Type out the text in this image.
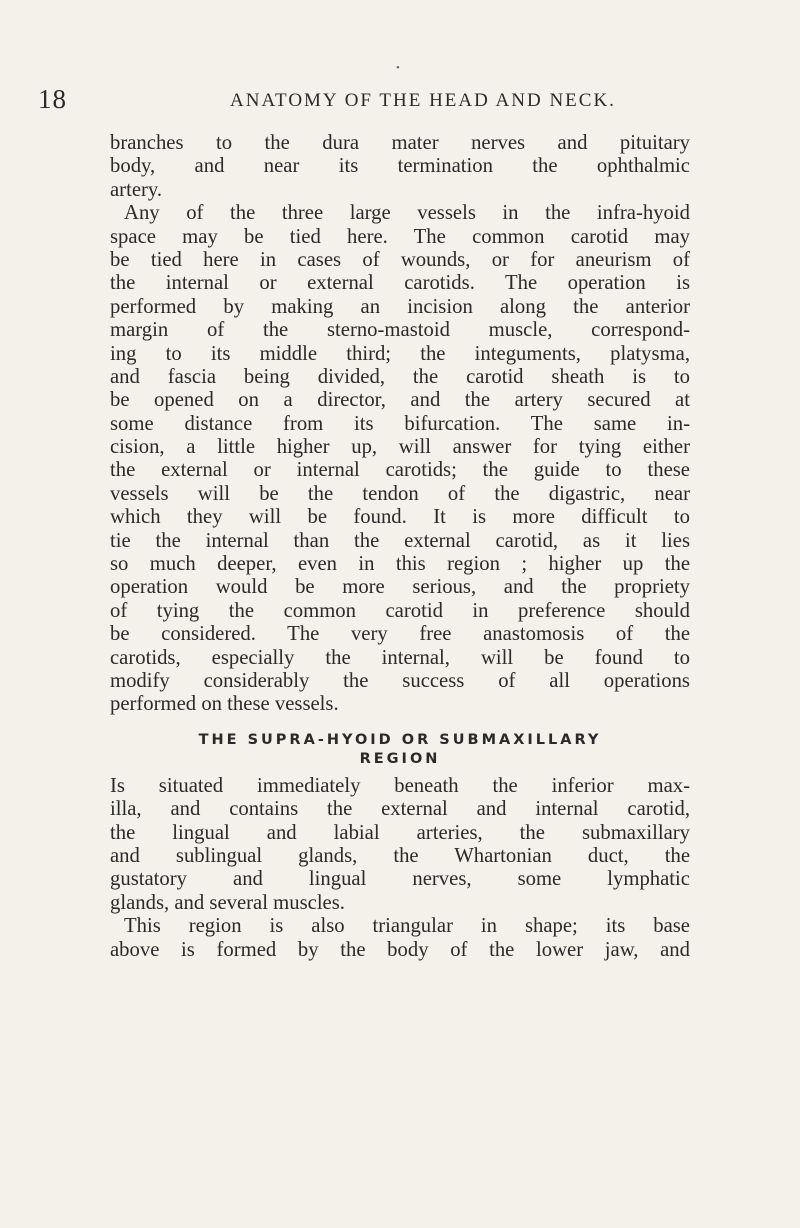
•
18	ANATOMY OF THE HEAD AND NECK.
branches to the dura mater nerves and pituitary
body, and near its termination the ophthalmic
artery.
Any of the three large vessels in the infra-hyoid
space may be tied here. The common carotid may
be tied here in cases of wounds, or for aneurism of
the internal or external carotids. The operation is
performed by making an incision along the anterior
margin of the sterno-mastoid muscle, correspond-
ing to its middle third; the integuments, platysma,
and fascia being divided, the carotid sheath is to
be opened on a director, and the artery secured at
some distance from its bifurcation. The same in-
cision, a little higher up, will answer for tying either
the external or internal carotids; the guide to these
vessels will be the tendon of the digastric, near
which they will be found. It is more difficult to
tie the internal than the external carotid, as it lies
so much deeper, even in this region ; higher up the
operation would be more serious, and the propriety
of tying the common carotid in preference should
be considered. The very free anastomosis of the
carotids, especially the internal, will be found to
modify considerably the success of all operations
performed on these vessels.
THE SUPRA-HYOID OR SUBMAXILLARY
REGION
Is situated immediately beneath the inferior max-
illa, and contains the external and internal carotid,
the lingual and labial arteries, the submaxillary
and sublingual glands, the Whartonian duct, the
gustatory and lingual nerves, some lymphatic
glands, and several muscles.
This region is also triangular in shape; its base
above is formed by the body of the lower jaw, and
